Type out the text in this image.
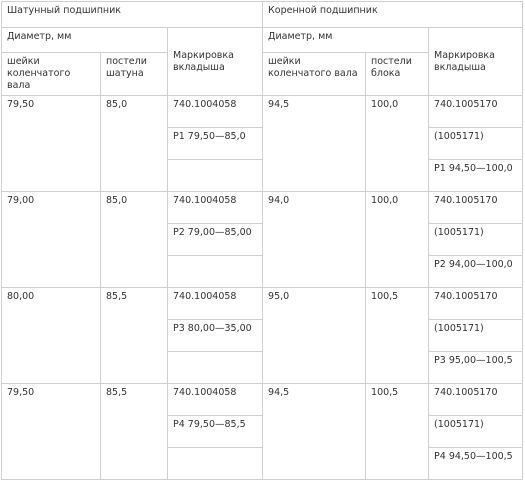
Шатунный подшипник			Коренной подшипник		
Диаметр, мм		Маркировка вкладыша	Диаметр, мм		Маркировка вкладыша
шейки коленчатого вала	постели шатуна		шейки коленчатого вала	постели блока	
79,50	85,0	740.1004058	94,5	100,0	740.1005170
		Р1 79,50—85,0			(1005171)
					Р1 94,50—100,0
79,00	85,0	740.1004058	94,0	100,0	740.1005170
		Р2 79,00—85,00			(1005171)
					Р2 94,00—100,0
80,00	85,5	740.1004058	95,0	100,5	740.1005170
		Р3 80,00—35,00			(1005171)
					Р3 95,00—100,5
79,50	85,5	740.1004058	94,5	100,5	740.1005170
		Р4 79,50—85,5			(1005171)
					Р4 94,50—100,5
